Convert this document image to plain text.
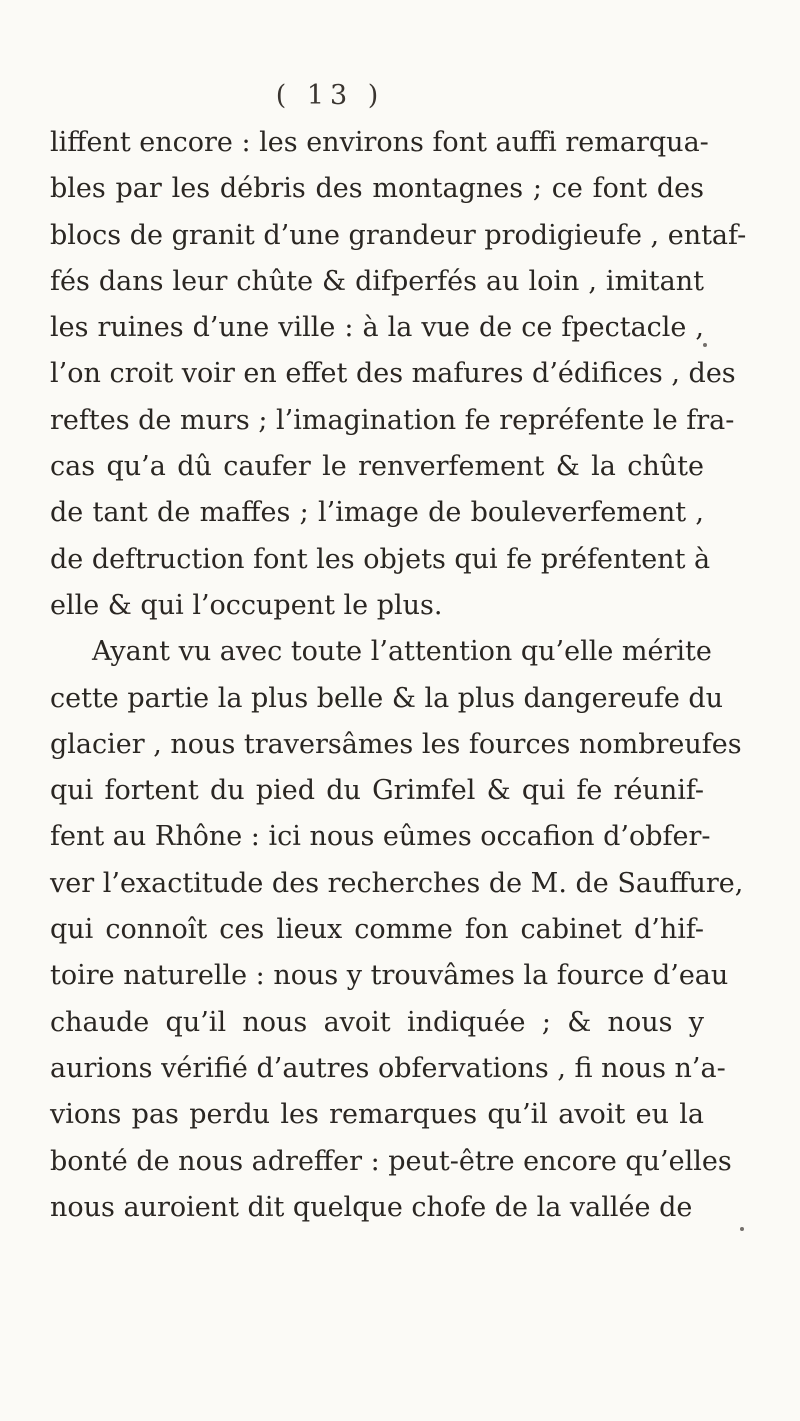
( 13 )
liffent encore : les environs font auffi remarqua-
bles par les débris des montagnes ; ce font des
blocs de granit d’une grandeur prodigieufe , entaf-
fés dans leur chûte & difperfés au loin , imitant
les ruines d’une ville : à la vue de ce fpectacle ,
l’on croit voir en effet des mafures d’édifices , des
reftes de murs ; l’imagination fe repréfente le fra-
cas qu’a dû caufer le renverfement & la chûte
de tant de maffes ; l’image de bouleverfement ,
de deftruction font les objets qui fe préfentent à
elle & qui l’occupent le plus.
Ayant vu avec toute l’attention qu’elle mérite
cette partie la plus belle & la plus dangereufe du
glacier , nous traversâmes les fources nombreufes
qui fortent du pied du Grimfel & qui fe réunif-
fent au Rhône : ici nous eûmes occafion d’obfer-
ver l’exactitude des recherches de M. de Sauffure,
qui connoît ces lieux comme fon cabinet d’hif-
toire naturelle : nous y trouvâmes la fource d’eau
chaude qu’il nous avoit indiquée ; & nous y
aurions vérifié d’autres obfervations , fi nous n’a-
vions pas perdu les remarques qu’il avoit eu la
bonté de nous adreffer : peut-être encore qu’elles
nous auroient dit quelque chofe de la vallée de
